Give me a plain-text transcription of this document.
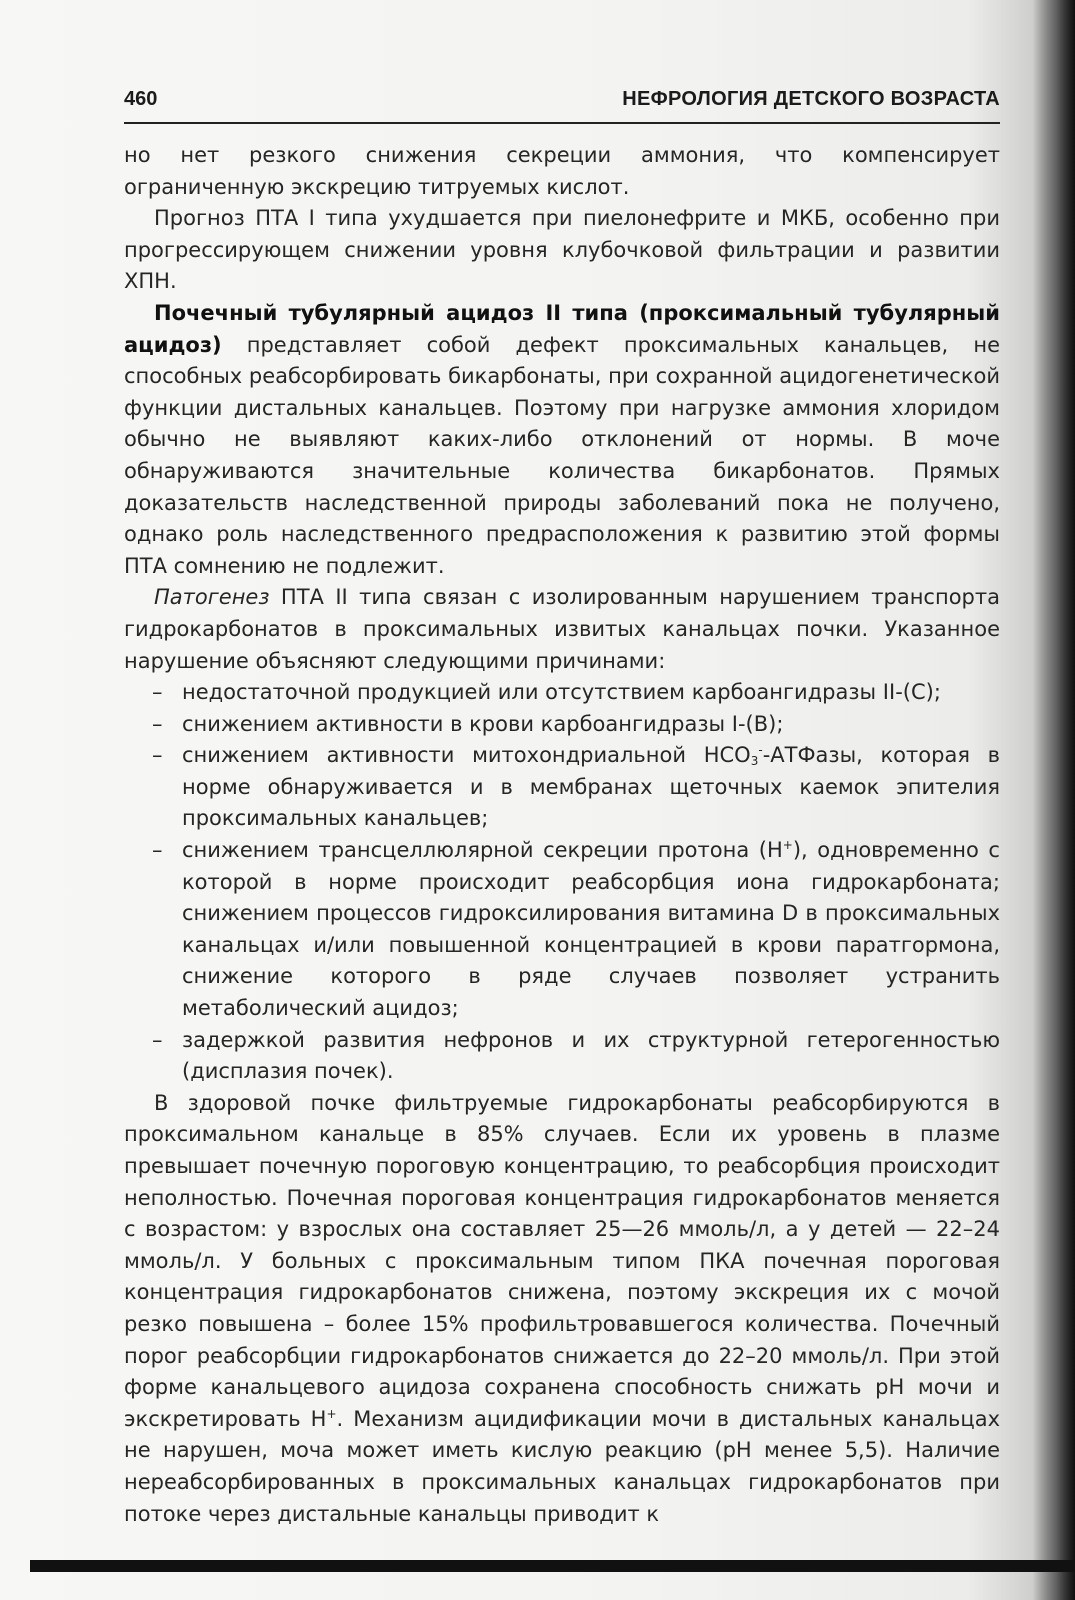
460	НЕФРОЛОГИЯ ДЕТСКОГО ВОЗРАСТА

но нет резкого снижения секреции аммония, что компенсирует ограниченную экскрецию титруемых кислот.

Прогноз ПТА I типа ухудшается при пиелонефрите и МКБ, особенно при прогрессирующем снижении уровня клубочковой фильтрации и развитии ХПН.

Почечный тубулярный ацидоз II типа (проксимальный тубулярный ацидоз) представляет собой дефект проксимальных канальцев, не способных реабсорбировать бикарбонаты, при сохранной ацидогенетической функции дистальных канальцев. Поэтому при нагрузке аммония хлоридом обычно не выявляют каких-либо отклонений от нормы. В моче обнаруживаются значительные количества бикарбонатов. Прямых доказательств наследственной природы заболеваний пока не получено, однако роль наследственного предрасположения к развитию этой формы ПТА сомнению не подлежит.

Патогенез ПТА II типа связан с изолированным нарушением транспорта гидрокарбонатов в проксимальных извитых канальцах почки. Указанное нарушение объясняют следующими причинами:

– недостаточной продукцией или отсутствием карбоангидразы II-(C);
– снижением активности в крови карбоангидразы I-(B);
– снижением активности митохондриальной $HCO_3^-$-АТФазы, которая в норме обнаруживается и в мембранах щеточных каемок эпителия проксимальных канальцев;
– снижением трансцеллюлярной секреции протона (H+), одновременно с которой в норме происходит реабсорбция иона гидрокарбоната; снижением процессов гидроксилирования витамина D в проксимальных канальцах и/или повышенной концентрацией в крови паратгормона, снижение которого в ряде случаев позволяет устранить метаболический ацидоз;
– задержкой развития нефронов и их структурной гетерогенностью (дисплазия почек).

В здоровой почке фильтруемые гидрокарбонаты реабсорбируются в проксимальном канальце в 85% случаев. Если их уровень в плазме превышает почечную пороговую концентрацию, то реабсорбция происходит неполностью. Почечная пороговая концентрация гидрокарбонатов меняется с возрастом: у взрослых она составляет 25—26 ммоль/л, а у детей — 22–24 ммоль/л. У больных с проксимальным типом ПКА почечная пороговая концентрация гидрокарбонатов снижена, поэтому экскреция их с мочой резко повышена – более 15% профильтровавшегося количества. Почечный порог реабсорбции гидрокарбонатов снижается до 22–20 ммоль/л. При этой форме канальцевого ацидоза сохранена способность снижать pH мочи и экскретировать H+. Механизм ацидификации мочи в дистальных канальцах не нарушен, моча может иметь кислую реакцию (pH менее 5,5). Наличие нереабсорбированных в проксимальных канальцах гидрокарбонатов при потоке через дистальные канальцы приводит к
